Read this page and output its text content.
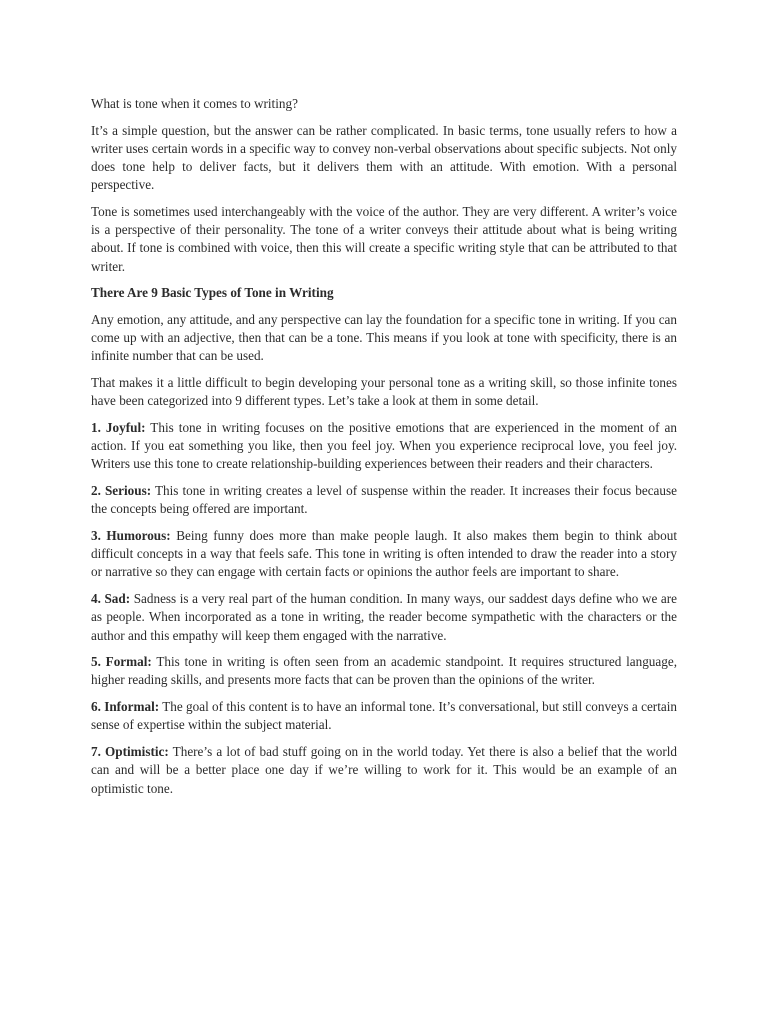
What is tone when it comes to writing?

It’s a simple question, but the answer can be rather complicated. In basic terms, tone usually refers to how a writer uses certain words in a specific way to convey non-verbal observations about specific subjects. Not only does tone help to deliver facts, but it delivers them with an attitude. With emotion. With a personal perspective.

Tone is sometimes used interchangeably with the voice of the author. They are very different. A writer’s voice is a perspective of their personality. The tone of a writer conveys their attitude about what is being writing about. If tone is combined with voice, then this will create a specific writing style that can be attributed to that writer.

There Are 9 Basic Types of Tone in Writing

Any emotion, any attitude, and any perspective can lay the foundation for a specific tone in writing. If you can come up with an adjective, then that can be a tone. This means if you look at tone with specificity, there is an infinite number that can be used.

That makes it a little difficult to begin developing your personal tone as a writing skill, so those infinite tones have been categorized into 9 different types. Let’s take a look at them in some detail.

1. Joyful: This tone in writing focuses on the positive emotions that are experienced in the moment of an action. If you eat something you like, then you feel joy. When you experience reciprocal love, you feel joy. Writers use this tone to create relationship-building experiences between their readers and their characters.

2. Serious: This tone in writing creates a level of suspense within the reader. It increases their focus because the concepts being offered are important.

3. Humorous: Being funny does more than make people laugh. It also makes them begin to think about difficult concepts in a way that feels safe. This tone in writing is often intended to draw the reader into a story or narrative so they can engage with certain facts or opinions the author feels are important to share.

4. Sad: Sadness is a very real part of the human condition. In many ways, our saddest days define who we are as people. When incorporated as a tone in writing, the reader become sympathetic with the characters or the author and this empathy will keep them engaged with the narrative.

5. Formal: This tone in writing is often seen from an academic standpoint. It requires structured language, higher reading skills, and presents more facts that can be proven than the opinions of the writer.

6. Informal: The goal of this content is to have an informal tone. It’s conversational, but still conveys a certain sense of expertise within the subject material.

7. Optimistic: There’s a lot of bad stuff going on in the world today. Yet there is also a belief that the world can and will be a better place one day if we’re willing to work for it. This would be an example of an optimistic tone.
